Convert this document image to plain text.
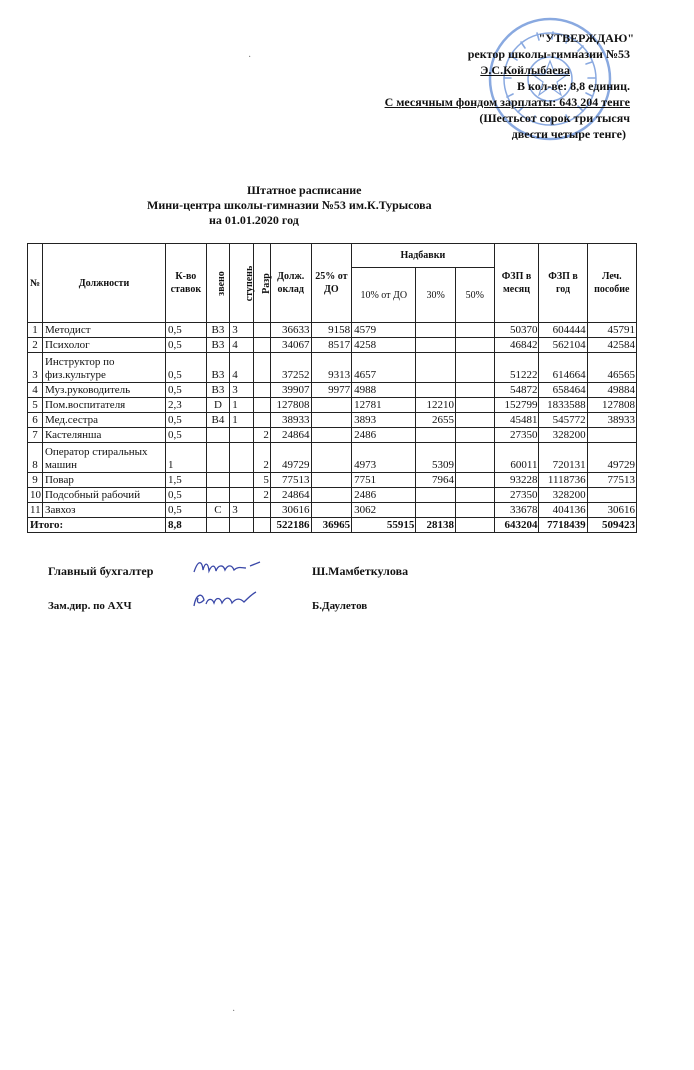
"УТВЕРЖДАЮ"
ректор школы-гимназии №53
Э.С.Койлыбаева
В кол-ве: 8,8 единиц.
С месячным фондом зарплаты: 643 204 тенге
(Шестьсот сорок три тысяч
двести четыре тенге)
Штатное расписание
Мини-центра школы-гимназии №53 им.К.Турысова
на 01.01.2020 год
№	Должности	К-во ставок	звено	ступень	Разр	Долж. оклад	25% от ДО	Надбавки			ФЗП в месяц	ФЗП в год	Леч. пособие
								10% от ДО	30%	50%			
1	Методист	0,5	B3	3		36633	9158	4579			50370	604444	45791
2	Психолог	0,5	B3	4		34067	8517	4258			46842	562104	42584
3	Инструктор по физ.культуре	0,5	B3	4		37252	9313	4657			51222	614664	46565
4	Муз.руководитель	0,5	B3	3		39907	9977	4988			54872	658464	49884
5	Пом.воспитателя	2,3	D	1		127808		12781	12210		152799	1833588	127808
6	Мед.сестра	0,5	B4	1		38933		3893	2655		45481	545772	38933
7	Кастелянша	0,5			2	24864		2486			27350	328200	
8	Оператор стиральных машин	1			2	49729		4973	5309		60011	720131	49729
9	Повар	1,5			5	77513		7751	7964		93228	1118736	77513
10	Подсобный рабочий	0,5			2	24864		2486			27350	328200	
11	Завхоз	0,5	C	3		30616		3062			33678	404136	30616
Итого:		8,8				522186	36965	55915	28138		643204	7718439	509423
Главный бухгалтер	Ш.Мамбеткулова
Зам.дир. по АХЧ	Б.Даулетов
·
·
